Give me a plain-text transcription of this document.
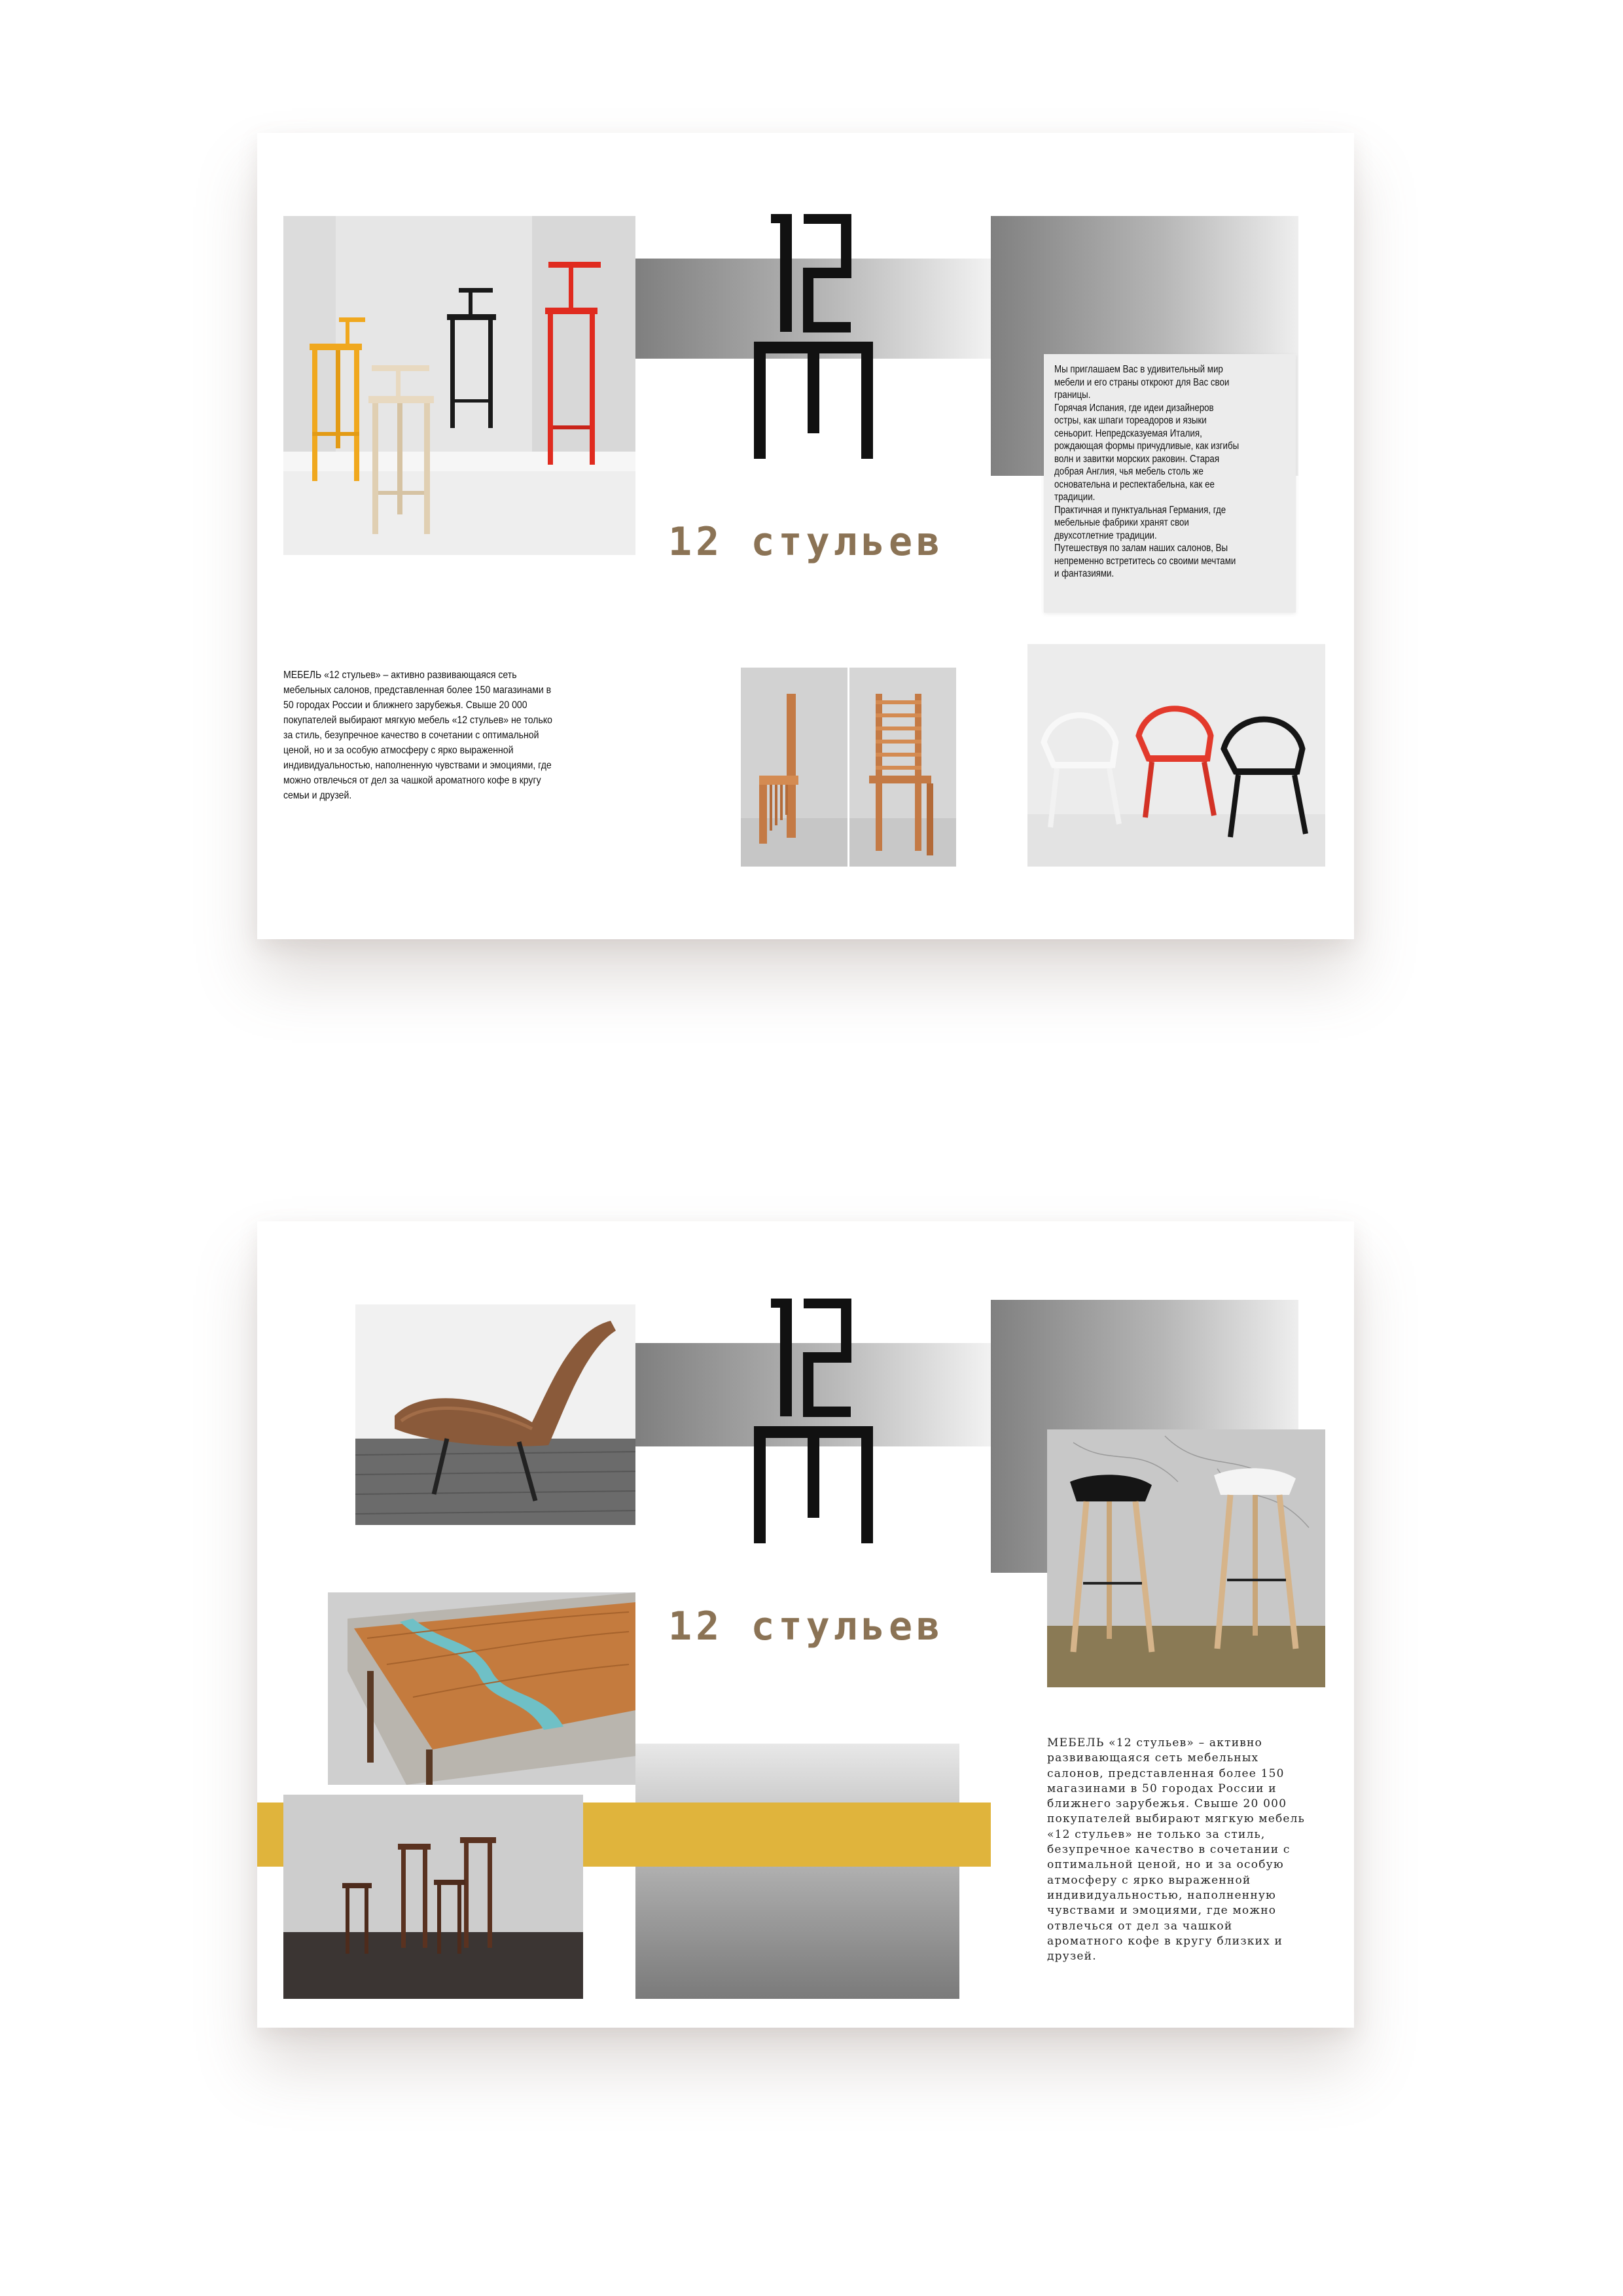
12 стульев

Мы приглашаем Вас в удивительный мир мебели и его страны откроют для Вас свои границы.

Горячая Испания, где идеи дизайнеров остры, как шпаги тореадоров и языки сеньорит. Непредсказуемая Италия, рождающая формы причудливые, как изгибы волн и завитки морских раковин. Старая добрая Англия, чья мебель столь же основательна и респектабельна, как ее традиции.

Практичная и пунктуальная Германия, где мебельные фабрики хранят свои двухсотлетние традиции.

Путешествуя по залам наших салонов, Вы непременно встретитесь со своими мечтами и фантазиями.

МЕБЕЛЬ «12 стульев» – активно развивающаяся сеть мебельных салонов, представленная более 150 магазинами в 50 городах России и ближнего зарубежья. Свыше 20 000 покупателей выбирают мягкую мебель «12 стульев» не только за стиль, безупречное качество в сочетании с оптимальной ценой, но и за особую атмосферу с ярко выраженной индивидуальностью, наполненную чувствами и эмоциями, где можно отвлечься от дел за чашкой ароматного кофе в кругу семьи и друзей.
12 стульев
МЕБЕЛЬ «12 стульев» – активно развивающаяся сеть мебельных салонов, представленная более 150 магазинами в 50 городах России и ближнего зарубежья. Свыше 20 000 покупателей выбирают мягкую мебель «12 стульев» не только за стиль, безупречное качество в сочетании с оптимальной ценой, но и за особую атмосферу с ярко выраженной индивидуальностью, наполненную чувствами и эмоциями, где можно отвлечься от дел за чашкой ароматного кофе в кругу близких и друзей.
